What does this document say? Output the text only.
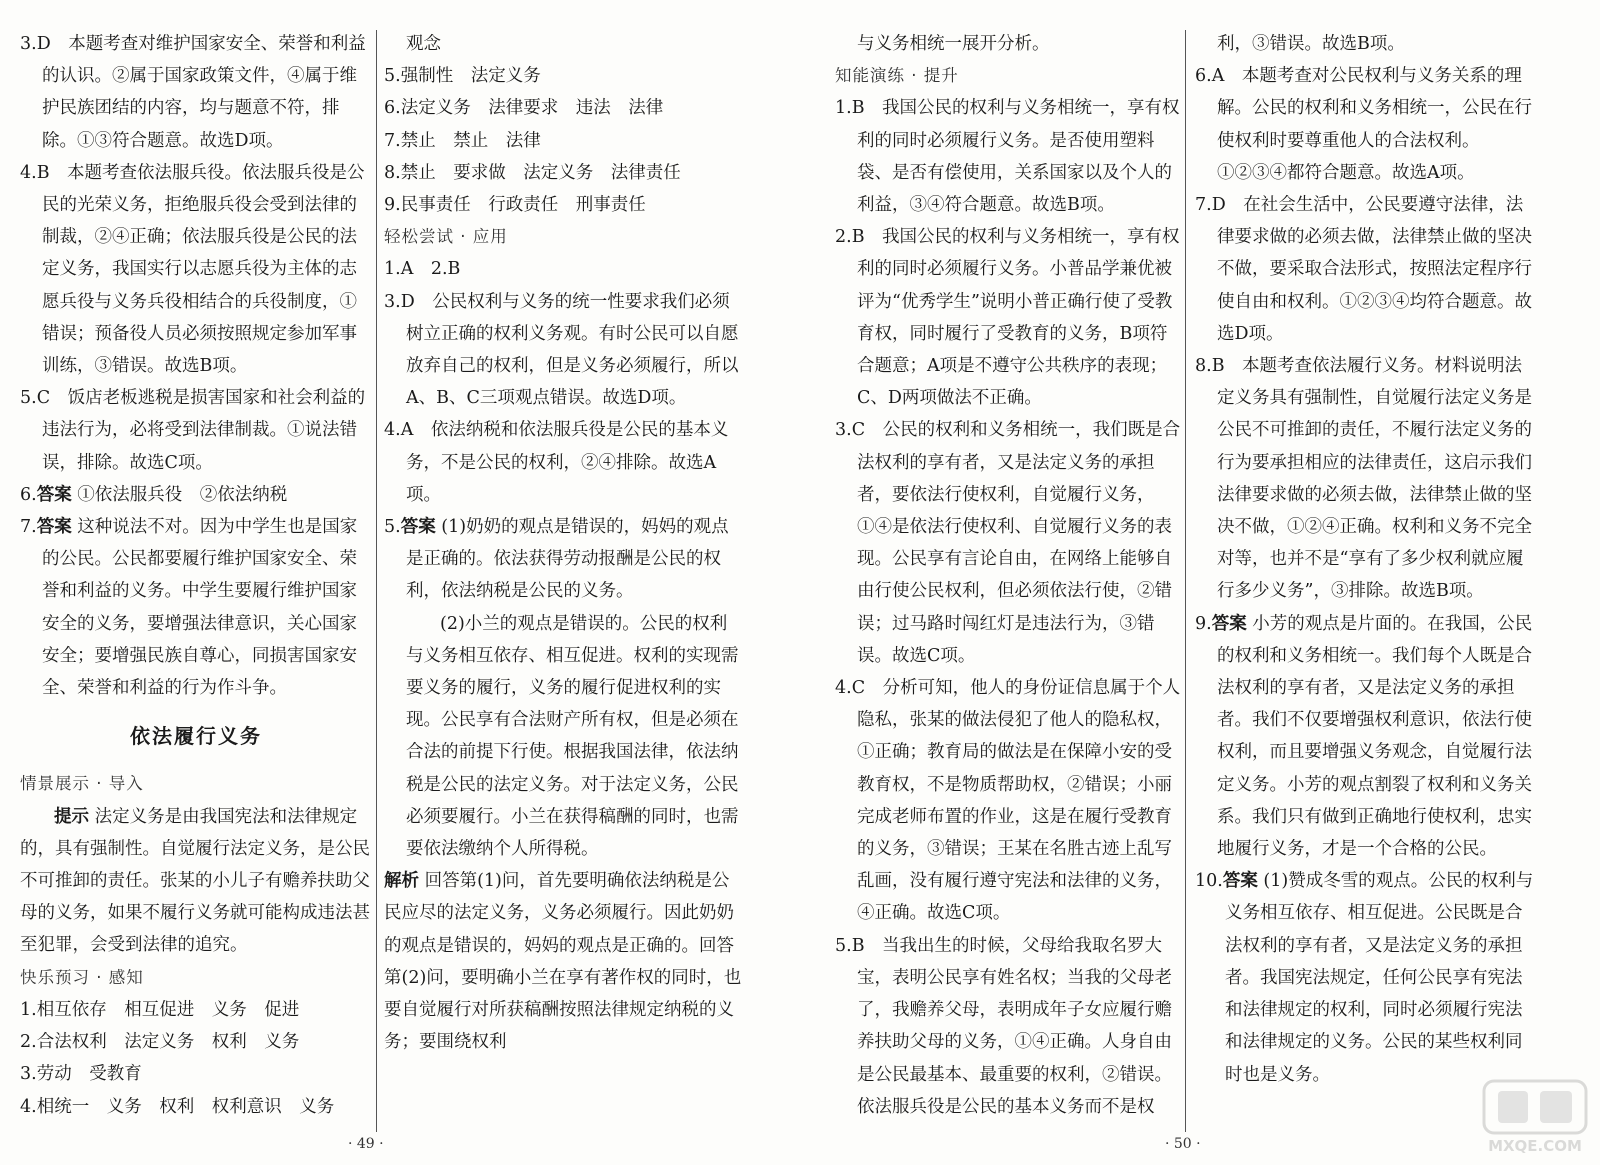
3.D　本题考查对维护国家安全、荣誉和利益的认识。②属于国家政策文件，④属于维护民族团结的内容，均与题意不符，排除。①③符合题意。故选D项。

4.B　本题考查依法服兵役。依法服兵役是公民的光荣义务，拒绝服兵役会受到法律的制裁，②④正确；依法服兵役是公民的法定义务，我国实行以志愿兵役为主体的志愿兵役与义务兵役相结合的兵役制度，①错误；预备役人员必须按照规定参加军事训练，③错误。故选B项。

5.C　饭店老板逃税是损害国家和社会利益的违法行为，必将受到法律制裁。①说法错误，排除。故选C项。

6.答案 ①依法服兵役　②依法纳税

7.答案 这种说法不对。因为中学生也是国家的公民。公民都要履行维护国家安全、荣誉和利益的义务。中学生要履行维护国家安全的义务，要增强法律意识，关心国家安全；要增强民族自尊心，同损害国家安全、荣誉和利益的行为作斗争。

依法履行义务

情景展示 · 导入

提示 法定义务是由我国宪法和法律规定的，具有强制性。自觉履行法定义务，是公民不可推卸的责任。张某的小儿子有赡养扶助父母的义务，如果不履行义务就可能构成违法甚至犯罪，会受到法律的追究。

快乐预习 · 感知

1.相互依存　相互促进　义务　促进

2.合法权利　法定义务　权利　义务

3.劳动　受教育

4.相统一　义务　权利　权利意识　义务

观念

5.强制性　法定义务

6.法定义务　法律要求　违法　法律

7.禁止　禁止　法律

8.禁止　要求做　法定义务　法律责任

9.民事责任　行政责任　刑事责任

轻松尝试 · 应用

1.A　2.B

3.D　公民权利与义务的统一性要求我们必须树立正确的权利义务观。有时公民可以自愿放弃自己的权利，但是义务必须履行，所以A、B、C三项观点错误。故选D项。

4.A　依法纳税和依法服兵役是公民的基本义务，不是公民的权利，②④排除。故选A项。

5.答案 (1)奶奶的观点是错误的，妈妈的观点是正确的。依法获得劳动报酬是公民的权利，依法纳税是公民的义务。

(2)小兰的观点是错误的。公民的权利与义务相互依存、相互促进。权利的实现需要义务的履行，义务的履行促进权利的实现。公民享有合法财产所有权，但是必须在合法的前提下行使。根据我国法律，依法纳税是公民的法定义务。对于法定义务，公民必须要履行。小兰在获得稿酬的同时，也需要依法缴纳个人所得税。

解析 回答第(1)问，首先要明确依法纳税是公民应尽的法定义务，义务必须履行。因此奶奶的观点是错误的，妈妈的观点是正确的。回答第(2)问，要明确小兰在享有著作权的同时，也要自觉履行对所获稿酬按照法律规定纳税的义务；要围绕权利

· 49 ·

与义务相统一展开分析。

知能演练 · 提升

1.B　我国公民的权利与义务相统一，享有权利的同时必须履行义务。是否使用塑料袋、是否有偿使用，关系国家以及个人的利益，③④符合题意。故选B项。

2.B　我国公民的权利与义务相统一，享有权利的同时必须履行义务。小普品学兼优被评为“优秀学生”说明小普正确行使了受教育权，同时履行了受教育的义务，B项符合题意；A项是不遵守公共秩序的表现；C、D两项做法不正确。

3.C　公民的权利和义务相统一，我们既是合法权利的享有者，又是法定义务的承担者，要依法行使权利，自觉履行义务，①④是依法行使权利、自觉履行义务的表现。公民享有言论自由，在网络上能够自由行使公民权利，但必须依法行使，②错误；过马路时闯红灯是违法行为，③错误。故选C项。

4.C　分析可知，他人的身份证信息属于个人隐私，张某的做法侵犯了他人的隐私权，①正确；教育局的做法是在保障小安的受教育权，不是物质帮助权，②错误；小丽完成老师布置的作业，这是在履行受教育的义务，③错误；王某在名胜古迹上乱写乱画，没有履行遵守宪法和法律的义务，④正确。故选C项。

5.B　当我出生的时候，父母给我取名罗大宝，表明公民享有姓名权；当我的父母老了，我赡养父母，表明成年子女应履行赡养扶助父母的义务，①④正确。人身自由是公民最基本、最重要的权利，②错误。依法服兵役是公民的基本义务而不是权

利，③错误。故选B项。

6.A　本题考查对公民权利与义务关系的理解。公民的权利和义务相统一，公民在行使权利时要尊重他人的合法权利。①②③④都符合题意。故选A项。

7.D　在社会生活中，公民要遵守法律，法律要求做的必须去做，法律禁止做的坚决不做，要采取合法形式，按照法定程序行使自由和权利。①②③④均符合题意。故选D项。

8.B　本题考查依法履行义务。材料说明法定义务具有强制性，自觉履行法定义务是公民不可推卸的责任，不履行法定义务的行为要承担相应的法律责任，这启示我们法律要求做的必须去做，法律禁止做的坚决不做，①②④正确。权利和义务不完全对等，也并不是“享有了多少权利就应履行多少义务”，③排除。故选B项。

9.答案 小芳的观点是片面的。在我国，公民的权利和义务相统一。我们每个人既是合法权利的享有者，又是法定义务的承担者。我们不仅要增强权利意识，依法行使权利，而且要增强义务观念，自觉履行法定义务。小芳的观点割裂了权利和义务关系。我们只有做到正确地行使权利，忠实地履行义务，才是一个合格的公民。

10.答案 (1)赞成冬雪的观点。公民的权利与义务相互依存、相互促进。公民既是合法权利的享有者，又是法定义务的承担者。我国宪法规定，任何公民享有宪法和法律规定的权利，同时必须履行宪法和法律规定的义务。公民的某些权利同时也是义务。

· 50 ·	MXQE.COM
